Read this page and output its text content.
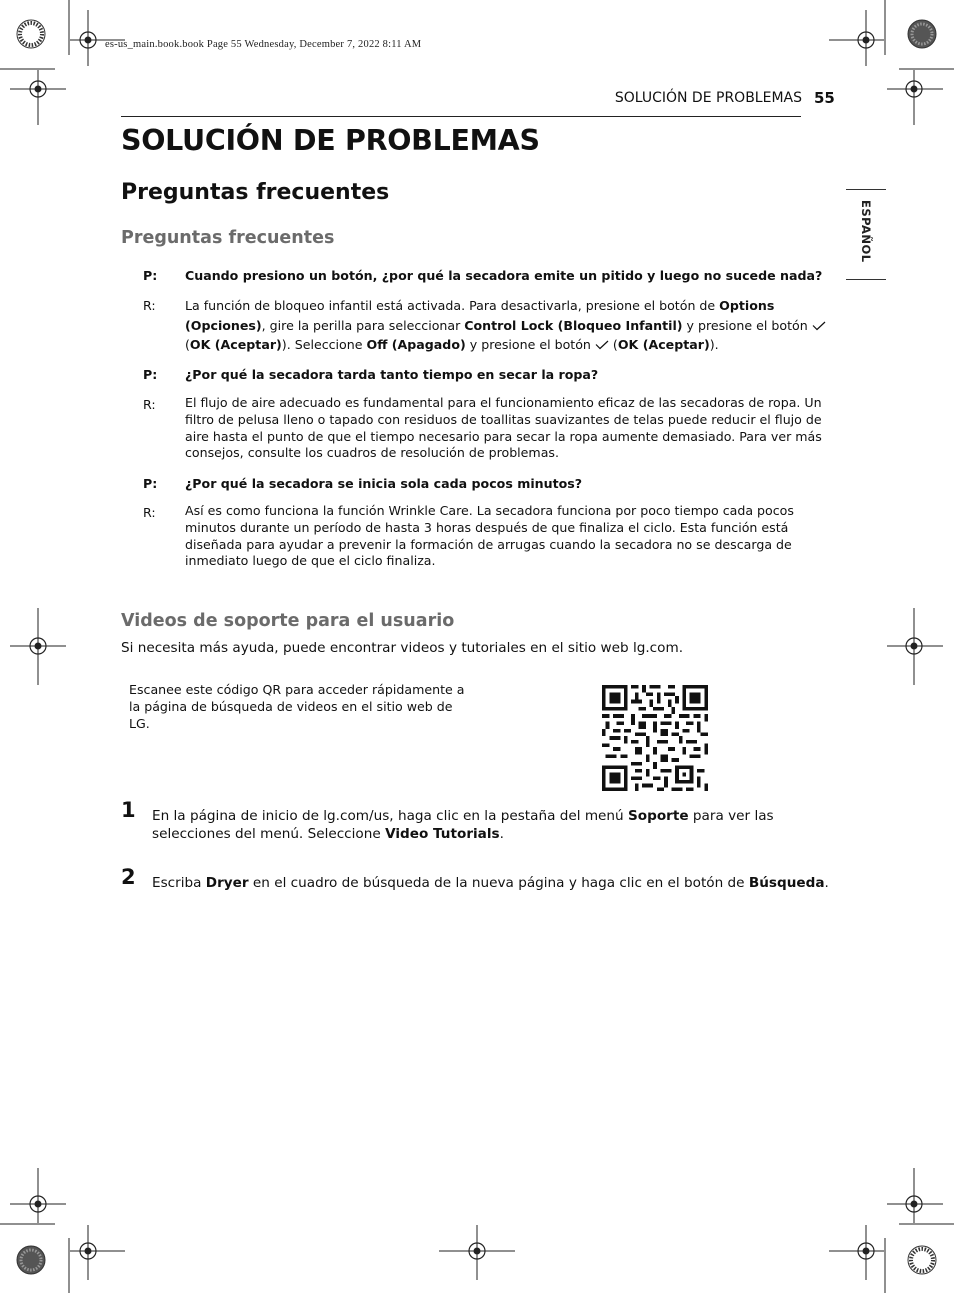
es-us_main.book.book Page 55 Wednesday, December 7, 2022 8:11 AM
SOLUCIÓN DE PROBLEMAS 55
ESPAÑOL
SOLUCIÓN DE PROBLEMAS
Preguntas frecuentes
Preguntas frecuentes
P: Cuando presiono un botón, ¿por qué la secadora emite un pitido y luego no sucede nada?
R: La función de bloqueo infantil está activada. Para desactivarla, presione el botón de Options (Opciones), gire la perilla para seleccionar Control Lock (Bloqueo Infantil) y presione el botón  (OK (Aceptar)). Seleccione Off (Apagado) y presione el botón  (OK (Aceptar)).
P: ¿Por qué la secadora tarda tanto tiempo en secar la ropa?
R: El flujo de aire adecuado es fundamental para el funcionamiento eficaz de las secadoras de ropa. Un filtro de pelusa lleno o tapado con residuos de toallitas suavizantes de telas puede reducir el flujo de aire hasta el punto de que el tiempo necesario para secar la ropa aumente demasiado. Para ver más consejos, consulte los cuadros de resolución de problemas.
P: ¿Por qué la secadora se inicia sola cada pocos minutos?
R: Así es como funciona la función Wrinkle Care. La secadora funciona por poco tiempo cada pocos minutos durante un período de hasta 3 horas después de que finaliza el ciclo. Esta función está diseñada para ayudar a prevenir la formación de arrugas cuando la secadora no se descarga de inmediato luego de que el ciclo finaliza.
Videos de soporte para el usuario
Si necesita más ayuda, puede encontrar videos y tutoriales en el sitio web lg.com.
Escanee este código QR para acceder rápidamente a la página de búsqueda de videos en el sitio web de LG.
1 En la página de inicio de lg.com/us, haga clic en la pestaña del menú Soporte para ver las selecciones del menú. Seleccione Video Tutorials.
2 Escriba Dryer en el cuadro de búsqueda de la nueva página y haga clic en el botón de Búsqueda.
